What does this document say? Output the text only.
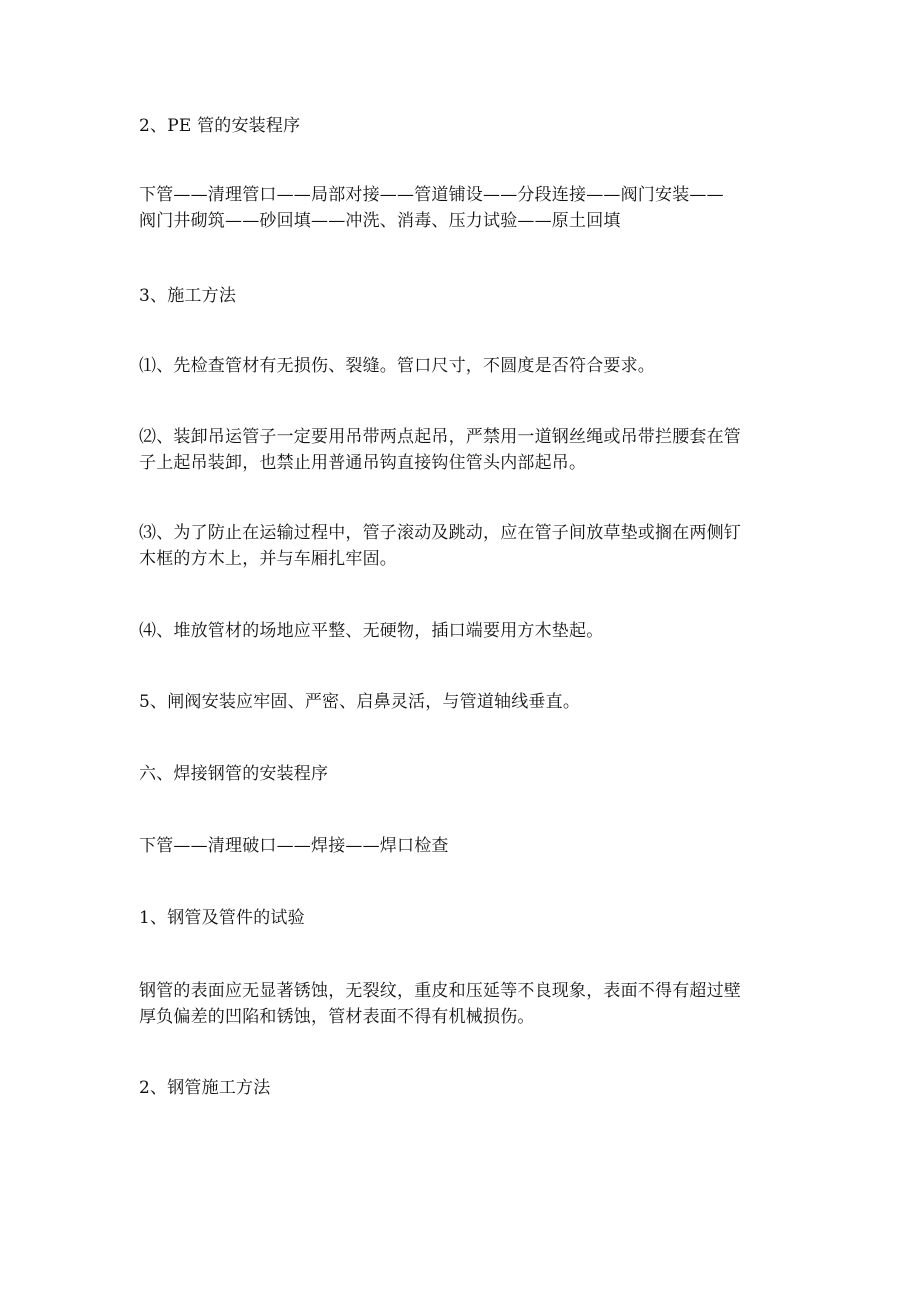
2、PE 管的安装程序

下管——清理管口——局部对接——管道铺设——分段连接——阀门安装——
阀门井砌筑——砂回填——冲洗、消毒、压力试验——原土回填

3、施工方法

⑴、先检查管材有无损伤、裂缝。管口尺寸，不圆度是否符合要求。

⑵、装卸吊运管子一定要用吊带两点起吊，严禁用一道钢丝绳或吊带拦腰套在管
子上起吊装卸，也禁止用普通吊钩直接钩住管头内部起吊。

⑶、为了防止在运输过程中，管子滚动及跳动，应在管子间放草垫或搁在两侧钉
木框的方木上，并与车厢扎牢固。

⑷、堆放管材的场地应平整、无硬物，插口端要用方木垫起。

5、闸阀安装应牢固、严密、启鼻灵活，与管道轴线垂直。

六、焊接钢管的安装程序

下管——清理破口——焊接——焊口检查

1、钢管及管件的试验

钢管的表面应无显著锈蚀，无裂纹，重皮和压延等不良现象，表面不得有超过壁
厚负偏差的凹陷和锈蚀，管材表面不得有机械损伤。

2、钢管施工方法
